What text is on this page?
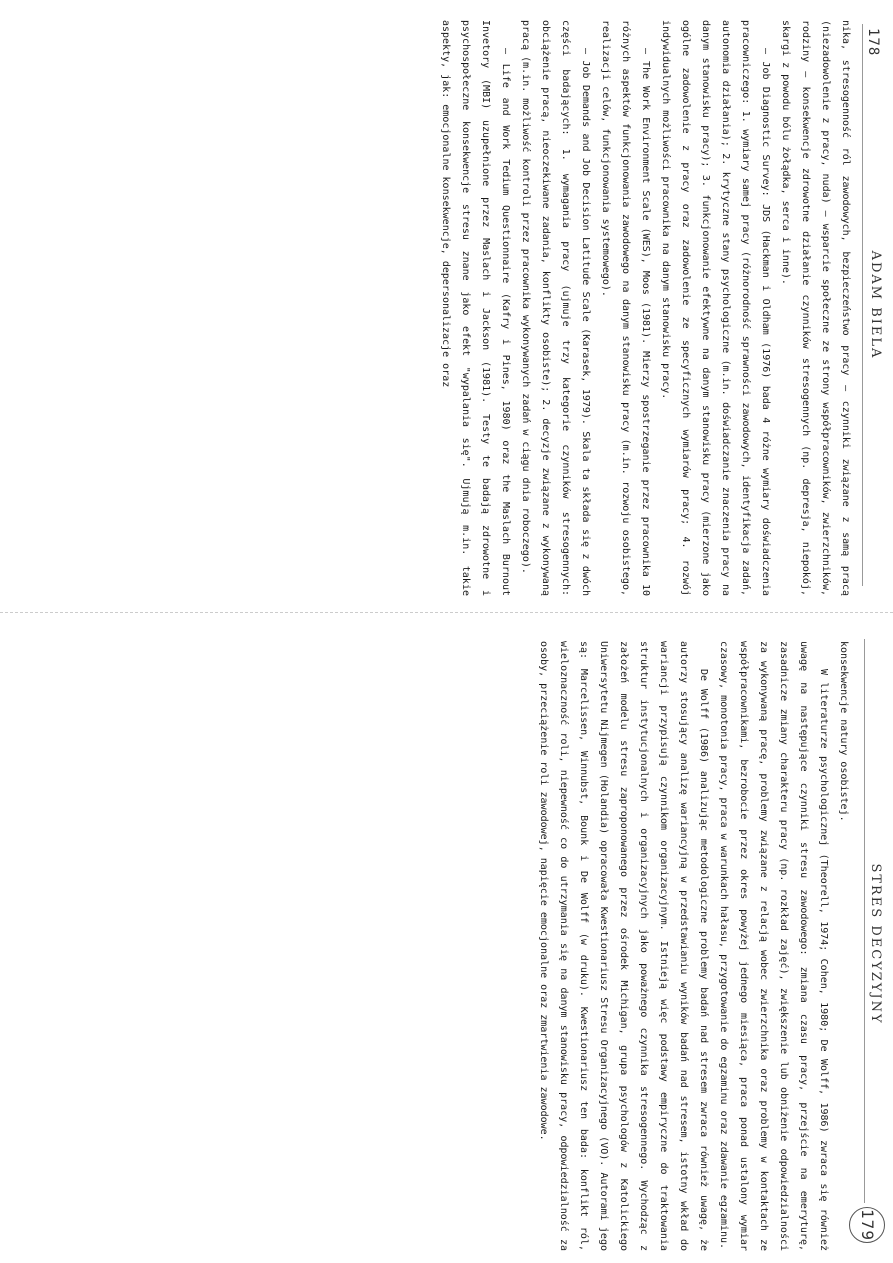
178
ADAM BIELA

nika, stresogenność ról zawodowych, bezpieczeństwo pracy – czynniki związane z samą pracą (niezadowolenie z pracy, nuda) – wsparcie społeczne ze strony współpracowników, zwierzchników, rodziny – konsekwencje zdrowotne działanie czynników stresogennych (np. depresja, niepokój, skargi z powodu bólu żołądka, serca i inne).

– Job Diagnostic Survey: JDS (Hackman i Oldham (1976) bada 4 różne wymiary doświadczenia pracowniczego: 1. wymiary samej pracy (różnorodność sprawności zawodowych, identyfikacja zadań, autonomia działania); 2. krytyczne stany psychologiczne (m.in. doświadczanie znaczenia pracy na danym stanowisku pracy); 3. funkcjonowanie efektywne na danym stanowisku pracy (mierzone jako ogólne zadowolenie z pracy oraz zadowolenie ze specyficznych wymiarów pracy; 4. rozwój indywidualnych możliwości pracownika na danym stanowisku pracy.

– The Work Environment Scale (WES), Moos (1981). Mierzy spostrzeganie przez pracownika 10 różnych aspektów funkcjonowania zawodowego na danym stanowisku pracy (m.in. rozwoju osobistego, realizacji celów, funkcjonowania systemowego).

– Job Demands and Job Decision Latitude Scale (Karasek, 1979). Skala ta składa się z dwóch części badających: 1. wymagania pracy (ujmuje trzy kategorie czynników stresogennych: obciążenie pracą, nieoczekiwane zadania, konflikty osobiste); 2. decyzje związane z wykonywaną pracą (m.in. możliwość kontroli przez pracownika wykonywanych zadań w ciągu dnia roboczego).

– Life and Work Tedium Questionnaire (Kafry i Pines, 1980) oraz the Maslach Burnout Invetory (MBI) uzupełnione przez Maslach i Jackson (1981). Testy te badają zdrowotne i psychospołeczne konsekwencje stresu znane jako efekt "wypalania się". Ujmują m.in. takie aspekty, jak: emocjonalne konsekwencje, depersonalizacje oraz

STRES DECYZYJNY
179

konsekwencje natury osobistej.

W literaturze psychologicznej (Theorell, 1974; Cohen, 1980; De Wolff, 1986) zwraca się również uwagę na następujące czynniki stresu zawodowego: zmiana czasu pracy, przejście na emeryturę, zasadnicze zmiany charakteru pracy (np. rozkład zajęć), zwiększenie lub obniżenie odpowiedzialności za wykonywaną pracę, problemy związane z relacją wobec zwierzchnika oraz problemy w kontaktach ze współpracownikami, bezrobocie przez okres powyżej jednego miesiąca, praca ponad ustalony wymiar czasowy, monotonia pracy, praca w warunkach hałasu, przygotowanie do egzaminu oraz zdawanie egzaminu.

De Wolff (1986) analizując metodologiczne problemy badań nad stresem zwraca również uwagę, że autorzy stosujący analizę wariancyjną w przedstawianiu wyników badań nad stresem, istotny wkład do wariancji przypisują czynnikom organizacyjnym. Istnieją więc podstawy empiryczne do traktowania struktur instytucjonalnych i organizacyjnych jako poważnego czynnika stresogennego. Wychodząc z założeń modelu stresu zaproponowanego przez ośrodek Michigan, grupa psychologów z Katolickiego Uniwersytetu Nijmegen (Holandia) opracowała Kwestionariusz Stresu Organizacyjnego (VO). Autorami jego są: Marcelissen, Winnubst, Bounk i De Wolff (w druku). Kwestionariusz ten bada: konflikt ról, wieloznaczność roli, niepewność co do utrzymania się na danym stanowisku pracy, odpowiedzialność za osoby, przeciążenie roli zawodowej, napięcie emocjonalne oraz zmartwienia zawodowe.
